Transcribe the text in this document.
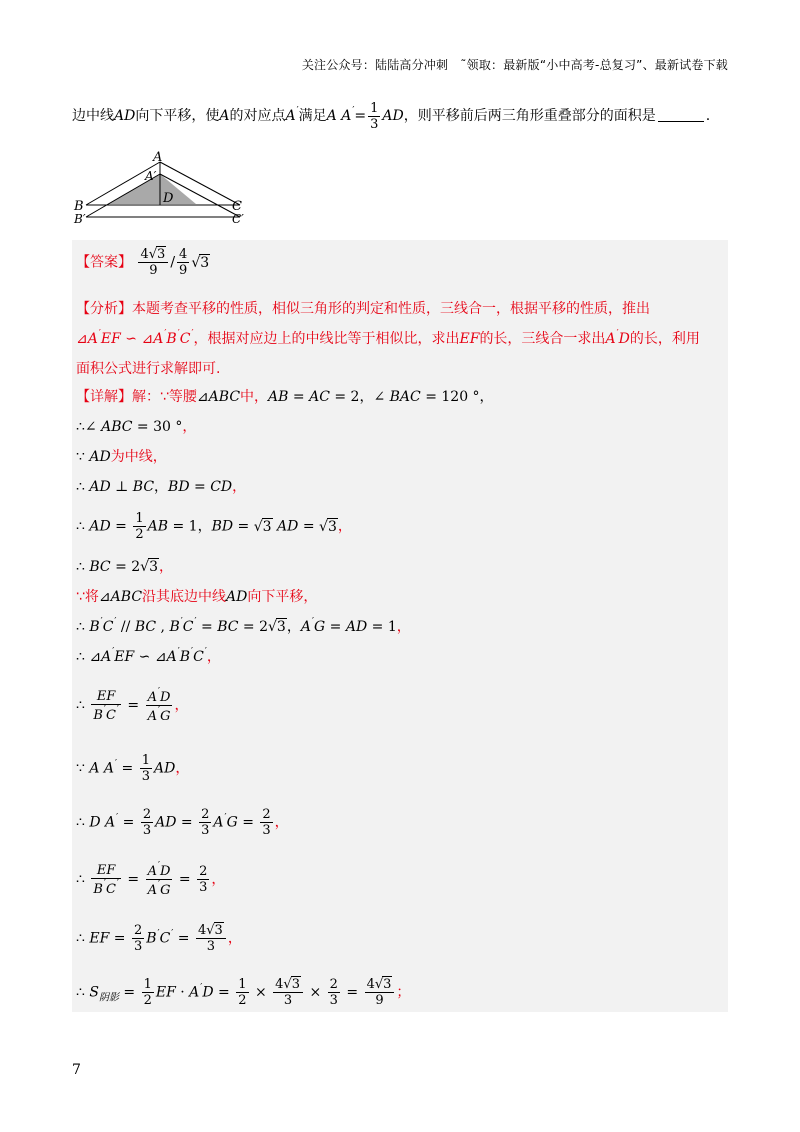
关注公众号：陆陆高分冲刺　˜领取：最新版“小中高考-总复习”、最新试卷下载
边中线AD向下平移，使A的对应点A′满足A $A'= \frac{1}{3}$ AD，则平移前后两三角形重叠部分的面积是	.
A
A′
D
B
B′
C
C′
【答案】 $\frac{4√3}{9} / \frac{4}{9} √3$
【分析】本题考查平移的性质，相似三角形的判定和性质，三线合一，根据平移的性质，推出
⊿A′EF ∽ ⊿A′B′C′，根据对应边上的中线比等于相似比，求出EF的长，三线合一求出A′D的长，利用
面积公式进行求解即可.
【详解】解：∵等腰⊿ABC中，AB = AC = 2，∠ BAC = 120 °，
∴∠ ABC = 30 °，
∵ AD为中线，
∴ AD ⊥ BC，BD = CD，
∴ AD = $\frac{1}{2}$ AB = 1，BD = √3 AD = √3，
∴ BC = 2√3，
∵将⊿ABC沿其底边中线AD向下平移，
∴ B′C′ // BC , B′C′ = BC = 2√3，A′G = AD = 1，
∴ ⊿A′EF ∽ ⊿A′B′C′，
∴ $\frac{EF}{B'C'} = \frac{A'D}{A'G}$ ，
∵ A $A' = \frac{1}{3}$ AD，
∴ D $A' = \frac{2}{3}$ AD = $\frac{2}{3} A'G = \frac{2}{3}$ ，
∴ $\frac{EF}{B'C'} = \frac{A'D}{A'G} = \frac{2}{3}$ ，
∴ EF = $\frac{2}{3} B'C' = \frac{4√3}{3}$ ，
∴ $S_{阴影} = \frac{1}{2}$ EF · $A'D = \frac{1}{2} \times \frac{4√3}{3} \times \frac{2}{3} = \frac{4√3}{9}$ ；
7
